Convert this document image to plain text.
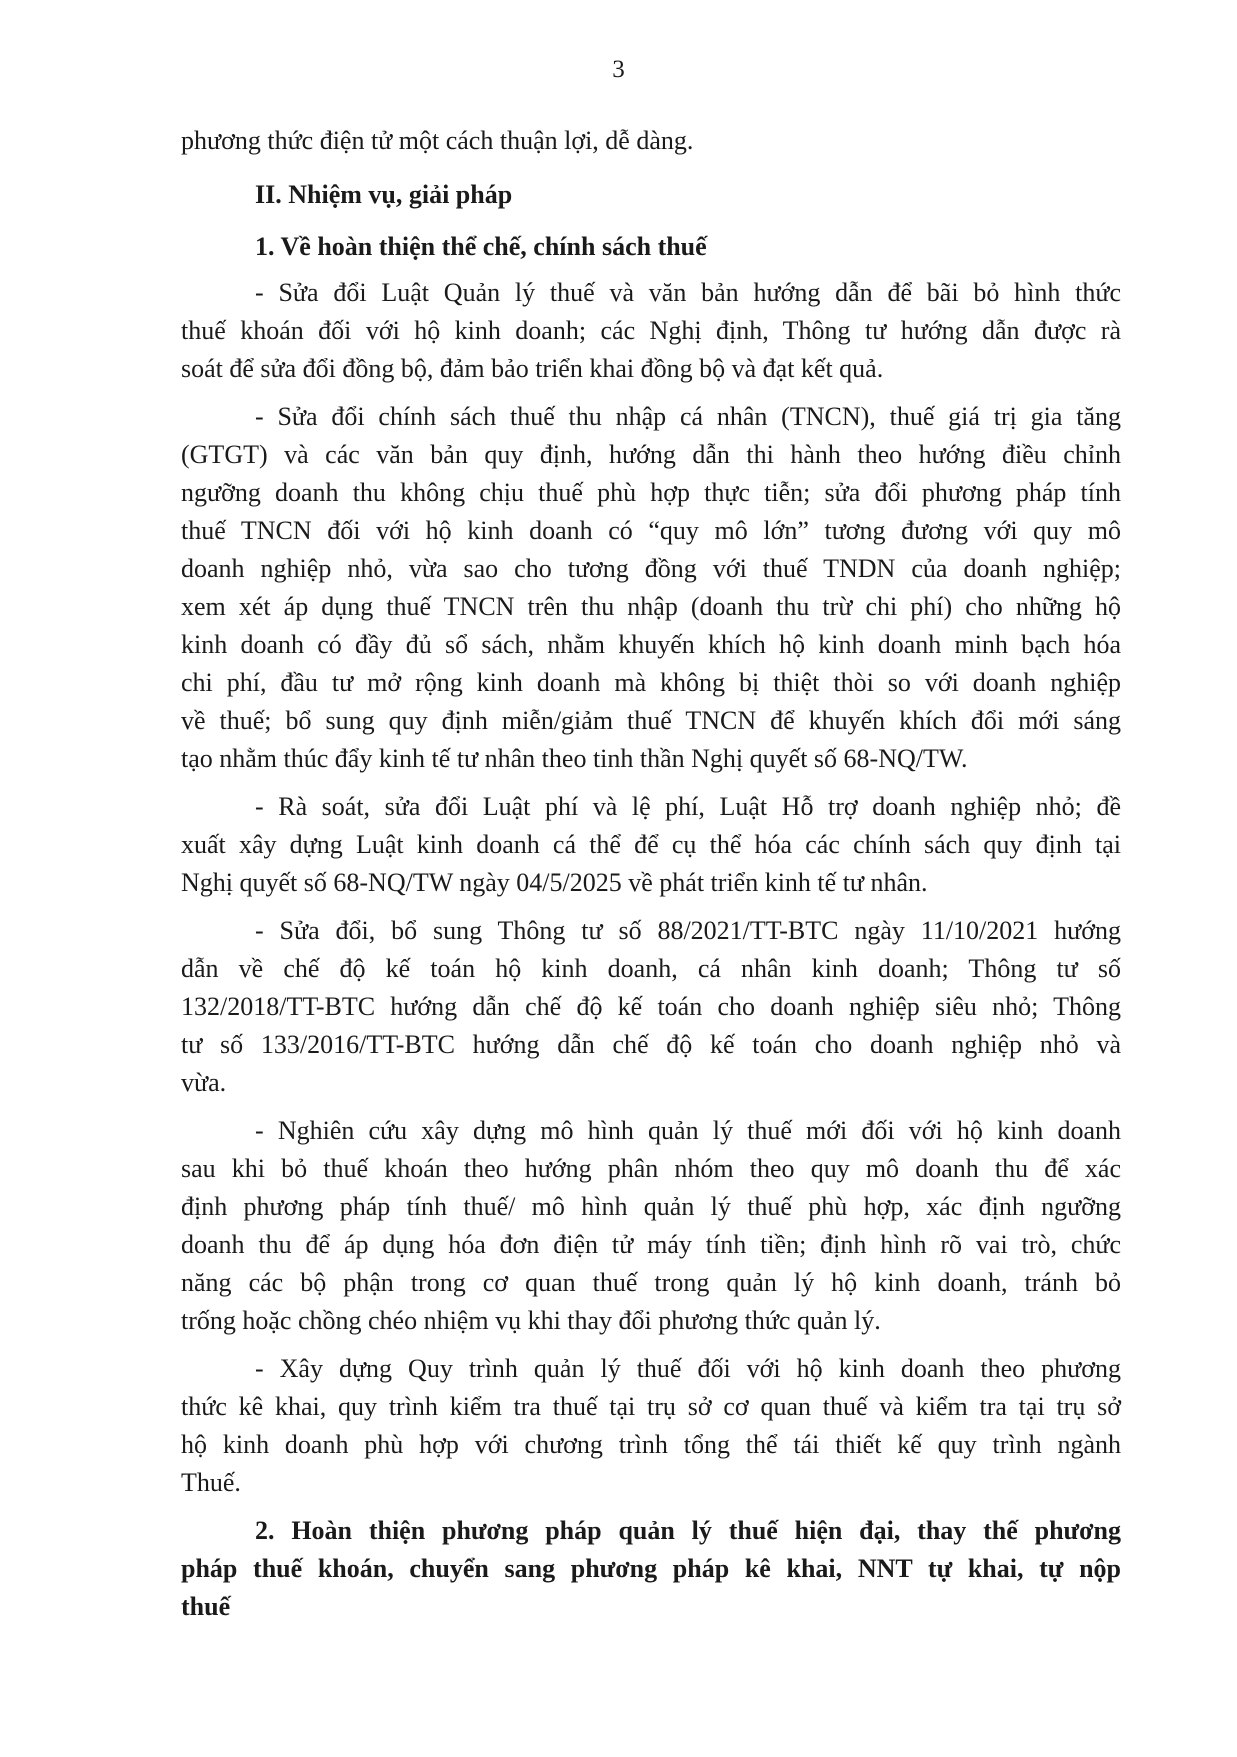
3
phương thức điện tử một cách thuận lợi, dễ dàng.
II. Nhiệm vụ, giải pháp
1. Về hoàn thiện thể chế, chính sách thuế
- Sửa đổi Luật Quản lý thuế và văn bản hướng dẫn để bãi bỏ hình thức
thuế khoán đối với hộ kinh doanh; các Nghị định, Thông tư hướng dẫn được rà
soát để sửa đổi đồng bộ, đảm bảo triển khai đồng bộ và đạt kết quả.
- Sửa đổi chính sách thuế thu nhập cá nhân (TNCN), thuế giá trị gia tăng
(GTGT) và các văn bản quy định, hướng dẫn thi hành theo hướng điều chỉnh
ngưỡng doanh thu không chịu thuế phù hợp thực tiễn; sửa đổi phương pháp tính
thuế TNCN đối với hộ kinh doanh có “quy mô lớn” tương đương với quy mô
doanh nghiệp nhỏ, vừa sao cho tương đồng với thuế TNDN của doanh nghiệp;
xem xét áp dụng thuế TNCN trên thu nhập (doanh thu trừ chi phí) cho những hộ
kinh doanh có đầy đủ sổ sách, nhằm khuyến khích hộ kinh doanh minh bạch hóa
chi phí, đầu tư mở rộng kinh doanh mà không bị thiệt thòi so với doanh nghiệp
về thuế; bổ sung quy định miễn/giảm thuế TNCN để khuyến khích đổi mới sáng
tạo nhằm thúc đẩy kinh tế tư nhân theo tinh thần Nghị quyết số 68-NQ/TW.
- Rà soát, sửa đổi Luật phí và lệ phí, Luật Hỗ trợ doanh nghiệp nhỏ; đề
xuất xây dựng Luật kinh doanh cá thể để cụ thể hóa các chính sách quy định tại
Nghị quyết số 68-NQ/TW ngày 04/5/2025 về phát triển kinh tế tư nhân.
- Sửa đổi, bổ sung Thông tư số 88/2021/TT-BTC ngày 11/10/2021 hướng
dẫn về chế độ kế toán hộ kinh doanh, cá nhân kinh doanh; Thông tư số
132/2018/TT-BTC hướng dẫn chế độ kế toán cho doanh nghiệp siêu nhỏ; Thông
tư số 133/2016/TT-BTC hướng dẫn chế độ kế toán cho doanh nghiệp nhỏ và
vừa.
- Nghiên cứu xây dựng mô hình quản lý thuế mới đối với hộ kinh doanh
sau khi bỏ thuế khoán theo hướng phân nhóm theo quy mô doanh thu để xác
định phương pháp tính thuế/ mô hình quản lý thuế phù hợp, xác định ngưỡng
doanh thu để áp dụng hóa đơn điện tử máy tính tiền; định hình rõ vai trò, chức
năng các bộ phận trong cơ quan thuế trong quản lý hộ kinh doanh, tránh bỏ
trống hoặc chồng chéo nhiệm vụ khi thay đổi phương thức quản lý.
- Xây dựng Quy trình quản lý thuế đối với hộ kinh doanh theo phương
thức kê khai, quy trình kiểm tra thuế tại trụ sở cơ quan thuế và kiểm tra tại trụ sở
hộ kinh doanh phù hợp với chương trình tổng thể tái thiết kế quy trình ngành
Thuế.
2. Hoàn thiện phương pháp quản lý thuế hiện đại, thay thế phương
pháp thuế khoán, chuyển sang phương pháp kê khai, NNT tự khai, tự nộp
thuế
